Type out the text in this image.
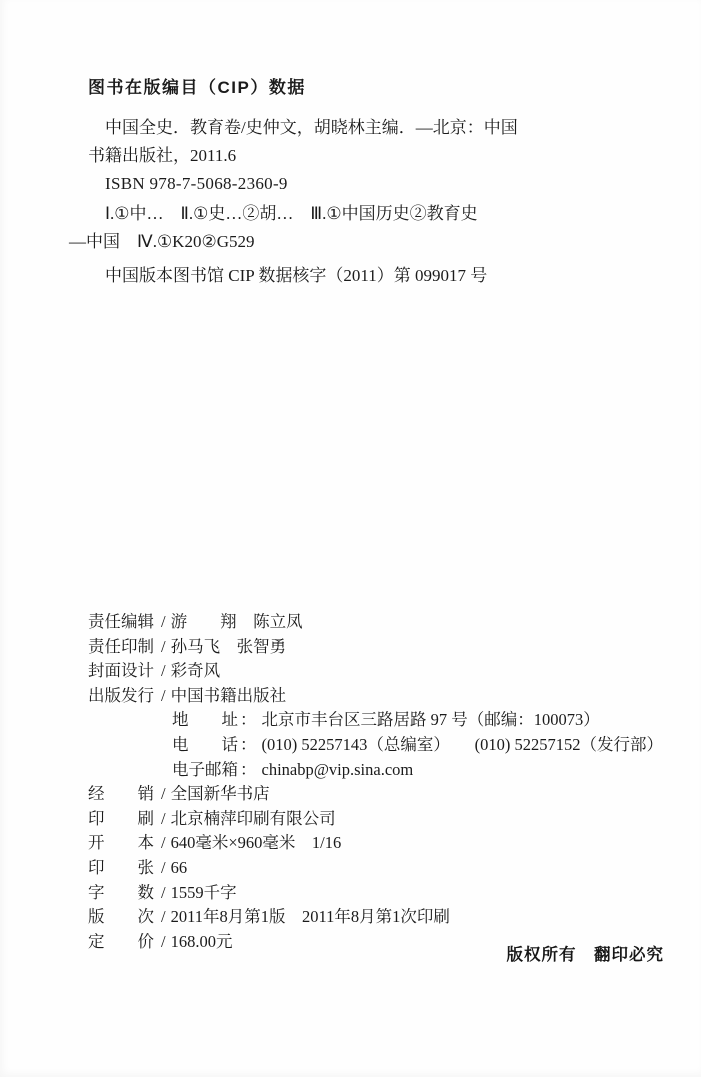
图书在版编目（CIP）数据
中国全史．教育卷/史仲文，胡晓林主编．—北京：中国
书籍出版社，2011.6
ISBN 978-7-5068-2360-9
Ⅰ.①中…　Ⅱ.①史…②胡…　Ⅲ.①中国历史②教育史
—中国　Ⅳ.①K20②G529
中国版本图书馆 CIP 数据核字（2011）第 099017 号
责任编辑 / 游　　翔　陈立凤
责任印制 / 孙马飞　张智勇
封面设计 / 彩奇风
出版发行 / 中国书籍出版社
地　　址 ： 北京市丰台区三路居路 97 号（邮编：100073）
电　　话 ： (010) 52257143（总编室）　　(010) 52257152（发行部）
电子邮箱 ： chinabp@vip.sina.com
经　　销 / 全国新华书店
印　　刷 / 北京楠萍印刷有限公司
开　　本 / 640毫米×960毫米　1/16
印　　张 / 66
字　　数 / 1559千字
版　　次 / 2011年8月第1版　2011年8月第1次印刷
定　　价 / 168.00元
版权所有　翻印必究
